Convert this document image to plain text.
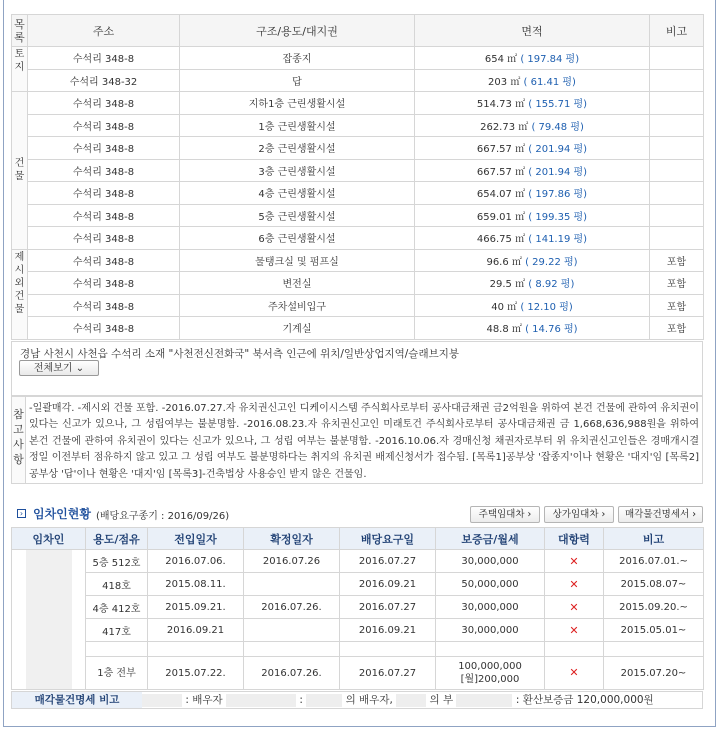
목록	주소	구조/용도/대지권	면적	비고

토지	수석리 348-8	잡종지	654 ㎡ ( 197.84 평)	
	수석리 348-32	답	203 ㎡ ( 61.41 평)	

건물	수석리 348-8	지하1층 근린생활시설	514.73 ㎡ ( 155.71 평)	
	수석리 348-8	1층 근린생활시설	262.73 ㎡ ( 79.48 평)	
	수석리 348-8	2층 근린생활시설	667.57 ㎡ ( 201.94 평)	
	수석리 348-8	3층 근린생활시설	667.57 ㎡ ( 201.94 평)	
	수석리 348-8	4층 근린생활시설	654.07 ㎡ ( 197.86 평)	
	수석리 348-8	5층 근린생활시설	659.01 ㎡ ( 199.35 평)	
	수석리 348-8	6층 근린생활시설	466.75 ㎡ ( 141.19 평)	

제시외건물	수석리 348-8	물탱크실 및 펌프실	96.6 ㎡ ( 29.22 평)	포함
	수석리 348-8	변전실	29.5 ㎡ ( 8.92 평)	포함
	수석리 348-8	주차설비입구	40 ㎡ ( 12.10 평)	포함
	수석리 348-8	기계실	48.8 ㎡ ( 14.76 평)	포함
경남 사천시 사천읍 수석리 소재 "사천전신전화국" 북서측 인근에 위치/일반상업지역/슬래브지붕
전체보기 ⌄
참고사항
-일괄매각. -제시외 건물 포함. -2016.07.27.자 유치권신고인 디케이시스템 주식회사로부터 공사대금채권 금2억원을 위하여 본건 건물에 관하여 유치권이 있다는 신고가 있으나, 그 성립여부는 불분명함. -2016.08.23.자 유치권신고인 미래토건 주식회사로부터 공사대금채권 금 1,668,636,988원을 위하여 본건 건물에 관하여 유치권이 있다는 신고가 있으나, 그 성립 여부는 불분명함. -2016.10.06.자 경매신청 채권자로부터 위 유치권신고인들은 경매개시결정일 이전부터 점유하지 않고 있고 그 성립 여부도 불분명하다는 취지의 유치권 배제신청서가 접수됨. [목록1]공부상 '잡종지'이나 현황은 '대지'임 [목록2]공부상 '답'이나 현황은 '대지'임 [목록3]-건축법상 사용승인 받지 않은 건물임.
› 임차인현황 (배당요구종기 : 2016/09/26)	주택임대차 ›	상가임대차 ›	매각물건명세서 ›
임차인	용도/점유	전입일자	확정일자	배당요구일	보증금/월세	대항력	비고

	5층 512호	2016.07.06.	2016.07.26	2016.07.27	30,000,000	✕	2016.07.01.~
	418호	2015.08.11.		2016.09.21	50,000,000	✕	2015.08.07~
	4층 412호	2015.09.21.	2016.07.26.	2016.07.27	30,000,000	✕	2015.09.20.~
	417호	2016.09.21		2016.09.21	30,000,000	✕	2015.05.01~

	1층 전부	2015.07.22.	2016.07.26.	2016.07.27	100,000,000
[월]200,000	✕	2015.07.20~
매각물건명세 비고	: 배우자	:	의 배우자,	의 부	: 환산보증금 120,000,000원
